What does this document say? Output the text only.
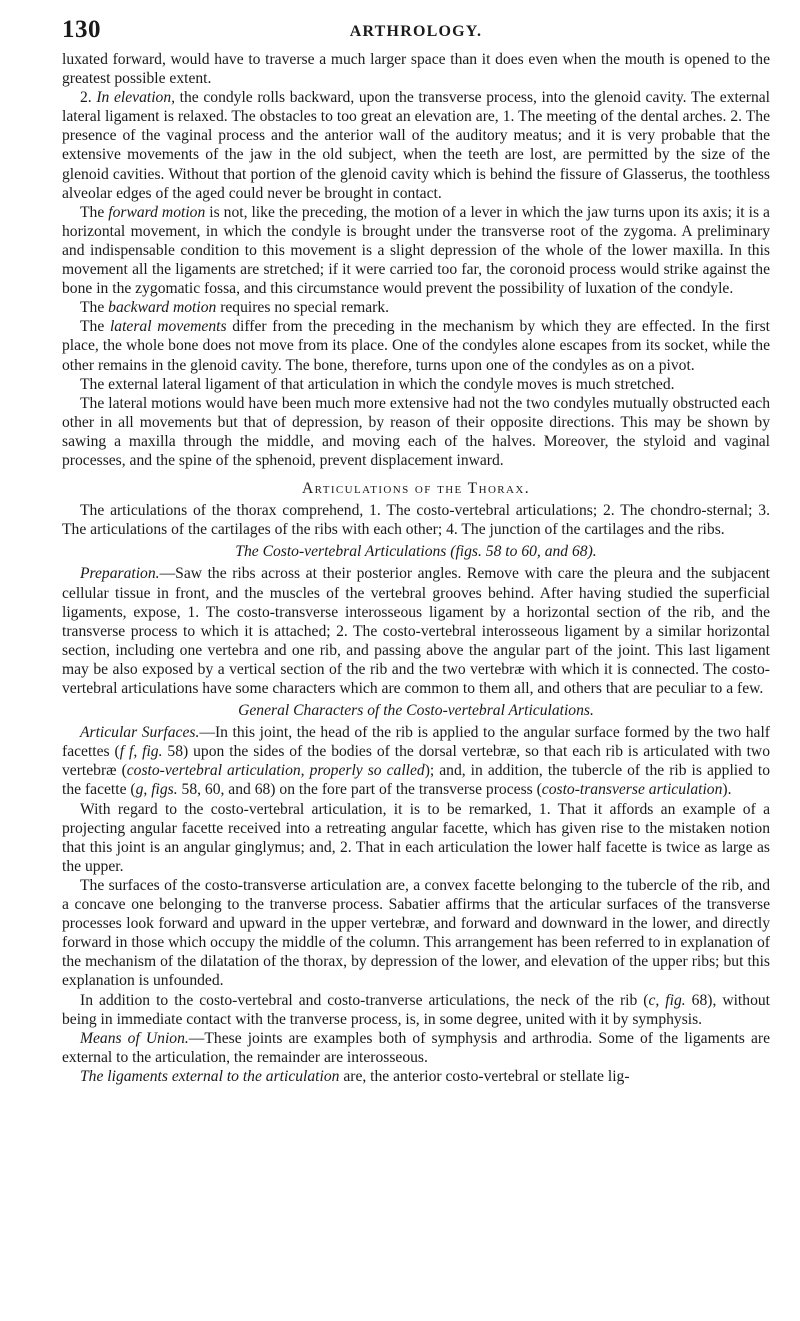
130	ARTHROLOGY.

luxated forward, would have to traverse a much larger space than it does even when the mouth is opened to the greatest possible extent.

2. In elevation, the condyle rolls backward, upon the transverse process, into the glenoid cavity. The external lateral ligament is relaxed. The obstacles to too great an elevation are, 1. The meeting of the dental arches. 2. The presence of the vaginal process and the anterior wall of the auditory meatus; and it is very probable that the extensive movements of the jaw in the old subject, when the teeth are lost, are permitted by the size of the glenoid cavities. Without that portion of the glenoid cavity which is behind the fissure of Glasserus, the toothless alveolar edges of the aged could never be brought in contact.

The forward motion is not, like the preceding, the motion of a lever in which the jaw turns upon its axis; it is a horizontal movement, in which the condyle is brought under the transverse root of the zygoma. A preliminary and indispensable condition to this movement is a slight depression of the whole of the lower maxilla. In this movement all the ligaments are stretched; if it were carried too far, the coronoid process would strike against the bone in the zygomatic fossa, and this circumstance would prevent the possibility of luxation of the condyle.

The backward motion requires no special remark.

The lateral movements differ from the preceding in the mechanism by which they are effected. In the first place, the whole bone does not move from its place. One of the condyles alone escapes from its socket, while the other remains in the glenoid cavity. The bone, therefore, turns upon one of the condyles as on a pivot.

The external lateral ligament of that articulation in which the condyle moves is much stretched.

The lateral motions would have been much more extensive had not the two condyles mutually obstructed each other in all movements but that of depression, by reason of their opposite directions. This may be shown by sawing a maxilla through the middle, and moving each of the halves. Moreover, the styloid and vaginal processes, and the spine of the sphenoid, prevent displacement inward.

Articulations of the Thorax.

The articulations of the thorax comprehend, 1. The costo-vertebral articulations; 2. The chondro-sternal; 3. The articulations of the cartilages of the ribs with each other; 4. The junction of the cartilages and the ribs.

The Costo-vertebral Articulations (figs. 58 to 60, and 68).

Preparation.—Saw the ribs across at their posterior angles. Remove with care the pleura and the subjacent cellular tissue in front, and the muscles of the vertebral grooves behind. After having studied the superficial ligaments, expose, 1. The costo-transverse interosseous ligament by a horizontal section of the rib, and the transverse process to which it is attached; 2. The costo-vertebral interosseous ligament by a similar horizontal section, including one vertebra and one rib, and passing above the angular part of the joint. This last ligament may be also exposed by a vertical section of the rib and the two vertebræ with which it is connected. The costo-vertebral articulations have some characters which are common to them all, and others that are peculiar to a few.

General Characters of the Costo-vertebral Articulations.

Articular Surfaces.—In this joint, the head of the rib is applied to the angular surface formed by the two half facettes (f f, fig. 58) upon the sides of the bodies of the dorsal vertebræ, so that each rib is articulated with two vertebræ (costo-vertebral articulation, properly so called); and, in addition, the tubercle of the rib is applied to the facette (g, figs. 58, 60, and 68) on the fore part of the transverse process (costo-transverse articulation).

With regard to the costo-vertebral articulation, it is to be remarked, 1. That it affords an example of a projecting angular facette received into a retreating angular facette, which has given rise to the mistaken notion that this joint is an angular ginglymus; and, 2. That in each articulation the lower half facette is twice as large as the upper.

The surfaces of the costo-transverse articulation are, a convex facette belonging to the tubercle of the rib, and a concave one belonging to the tranverse process. Sabatier affirms that the articular surfaces of the transverse processes look forward and upward in the upper vertebræ, and forward and downward in the lower, and directly forward in those which occupy the middle of the column. This arrangement has been referred to in explanation of the mechanism of the dilatation of the thorax, by depression of the lower, and elevation of the upper ribs; but this explanation is unfounded.

In addition to the costo-vertebral and costo-tranverse articulations, the neck of the rib (c, fig. 68), without being in immediate contact with the tranverse process, is, in some degree, united with it by symphysis.

Means of Union.—These joints are examples both of symphysis and arthrodia. Some of the ligaments are external to the articulation, the remainder are interosseous.

The ligaments external to the articulation are, the anterior costo-vertebral or stellate lig-
